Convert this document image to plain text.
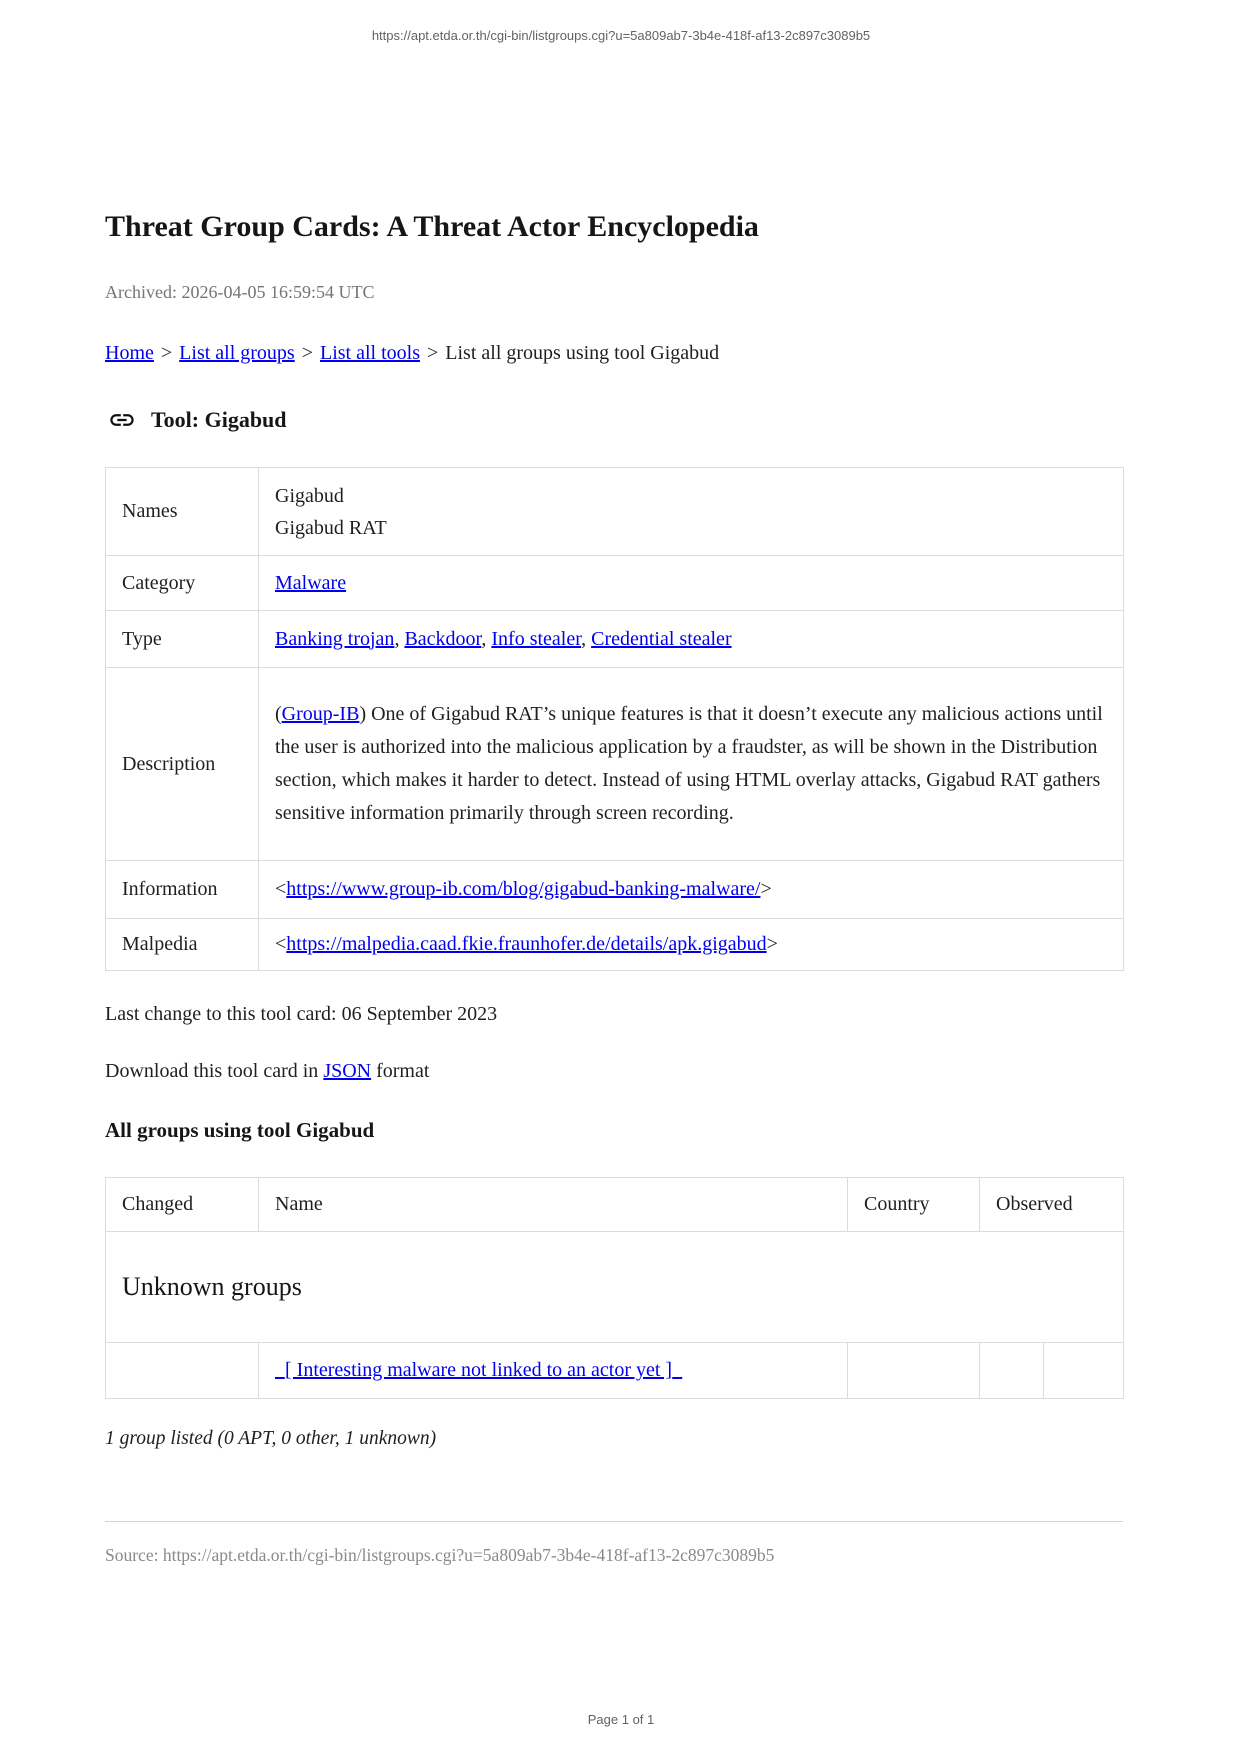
https://apt.etda.or.th/cgi-bin/listgroups.cgi?u=5a809ab7-3b4e-418f-af13-2c897c3089b5
Threat Group Cards: A Threat Actor Encyclopedia
Archived: 2026-04-05 16:59:54 UTC
Home > List all groups > List all tools > List all groups using tool Gigabud
Tool: Gigabud
Names	Gigabud
Gigabud RAT

Category	Malware
Type	Banking trojan, Backdoor, Info stealer, Credential stealer
Description	(Group-IB) One of Gigabud RAT’s unique features is that it doesn’t execute any malicious actions until the user is authorized into the malicious application by a fraudster, as will be shown in the Distribution section, which makes it harder to detect. Instead of using HTML overlay attacks, Gigabud RAT gathers sensitive information primarily through screen recording.
Information	<https://www.group-ib.com/blog/gigabud-banking-malware/>
Malpedia	<https://malpedia.caad.fkie.fraunhofer.de/details/apk.gigabud>
Last change to this tool card: 06 September 2023
Download this tool card in JSON format
All groups using tool Gigabud
Changed	Name	Country	Observed	
Unknown groups				
	_[ Interesting malware not linked to an actor yet ]_			
1 group listed (0 APT, 0 other, 1 unknown)
Source: https://apt.etda.or.th/cgi-bin/listgroups.cgi?u=5a809ab7-3b4e-418f-af13-2c897c3089b5
Page 1 of 1
